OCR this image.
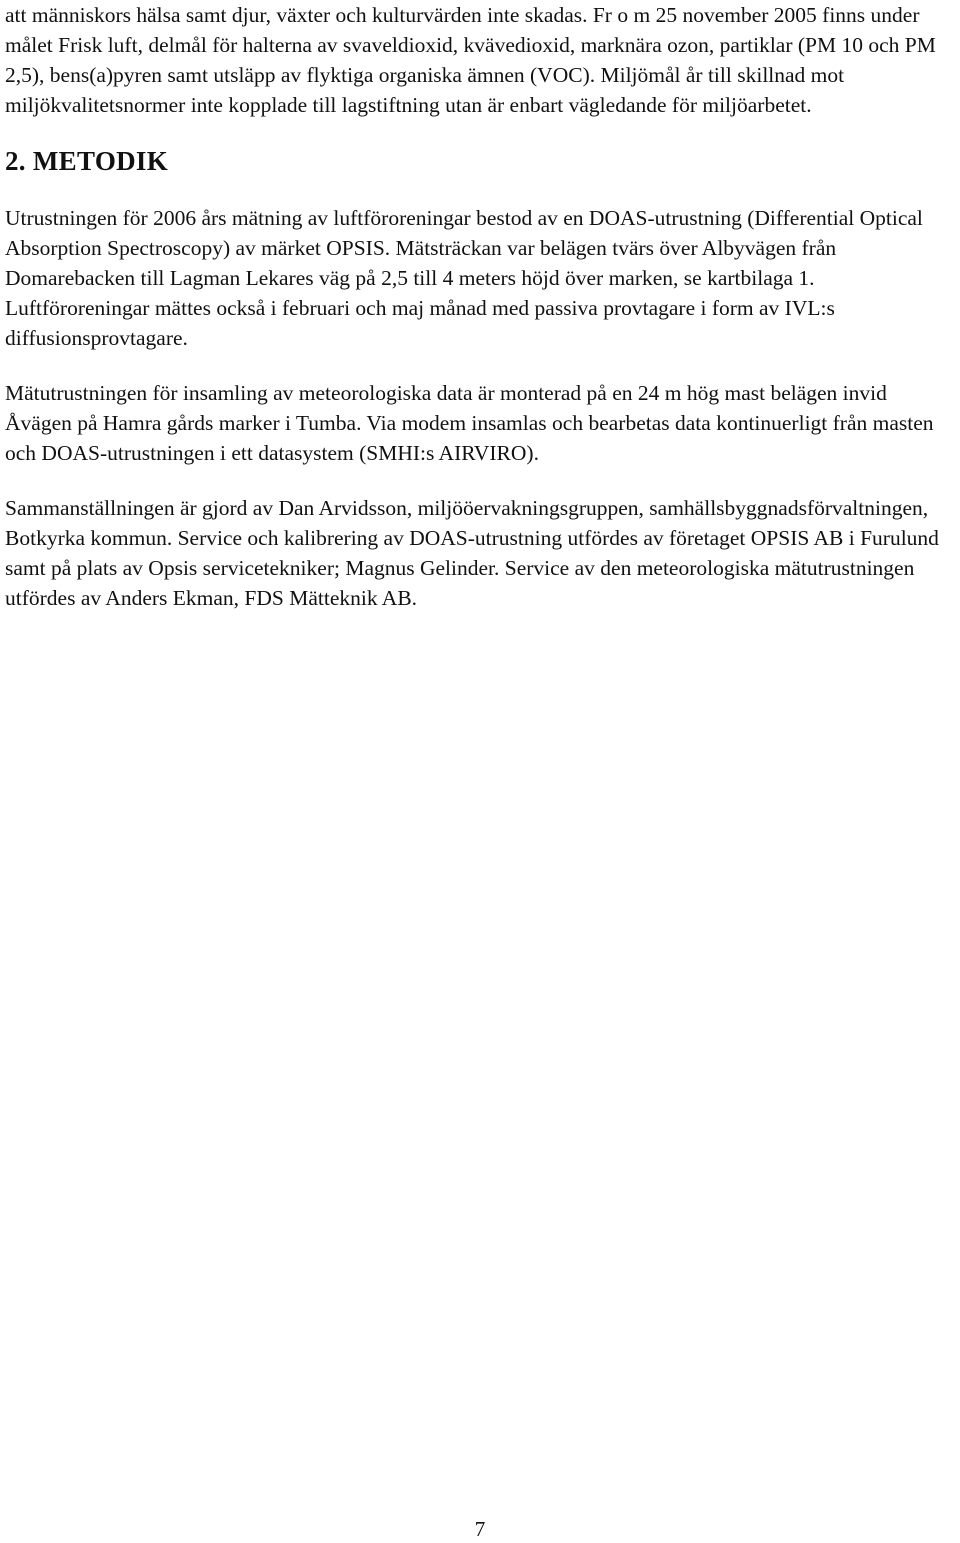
att människors hälsa samt djur, växter och kulturvärden inte skadas. Fr o m 25 november 2005 finns under målet Frisk luft, delmål för halterna av svaveldioxid, kvävedioxid, marknära ozon, partiklar (PM 10 och PM 2,5), bens(a)pyren samt utsläpp av flyktiga organiska ämnen (VOC). Miljömål år till skillnad mot miljökvalitetsnormer inte kopplade till lagstiftning utan är enbart vägledande för miljöarbetet.

2. METODIK

Utrustningen för 2006 års mätning av luftföroreningar bestod av en DOAS-utrustning (Differential Optical Absorption Spectroscopy) av märket OPSIS. Mätsträckan var belägen tvärs över Albyvägen från Domarebacken till Lagman Lekares väg på 2,5 till 4 meters höjd över marken, se kartbilaga 1. Luftföroreningar mättes också i februari och maj månad med passiva provtagare i form av IVL:s diffusionsprovtagare.

Mätutrustningen för insamling av meteorologiska data är monterad på en 24 m hög mast belägen invid Åvägen på Hamra gårds marker i Tumba. Via modem insamlas och bearbetas data kontinuerligt från masten och DOAS-utrustningen i ett datasystem (SMHI:s AIRVIRO).

Sammanställningen är gjord av Dan Arvidsson, miljööervakningsgruppen, samhällsbyggnadsförvaltningen, Botkyrka kommun. Service och kalibrering av DOAS-utrustning utfördes av företaget OPSIS AB i Furulund samt på plats av Opsis servicetekniker; Magnus Gelinder. Service av den meteorologiska mätutrustningen utfördes av Anders Ekman, FDS Mätteknik AB.

7
